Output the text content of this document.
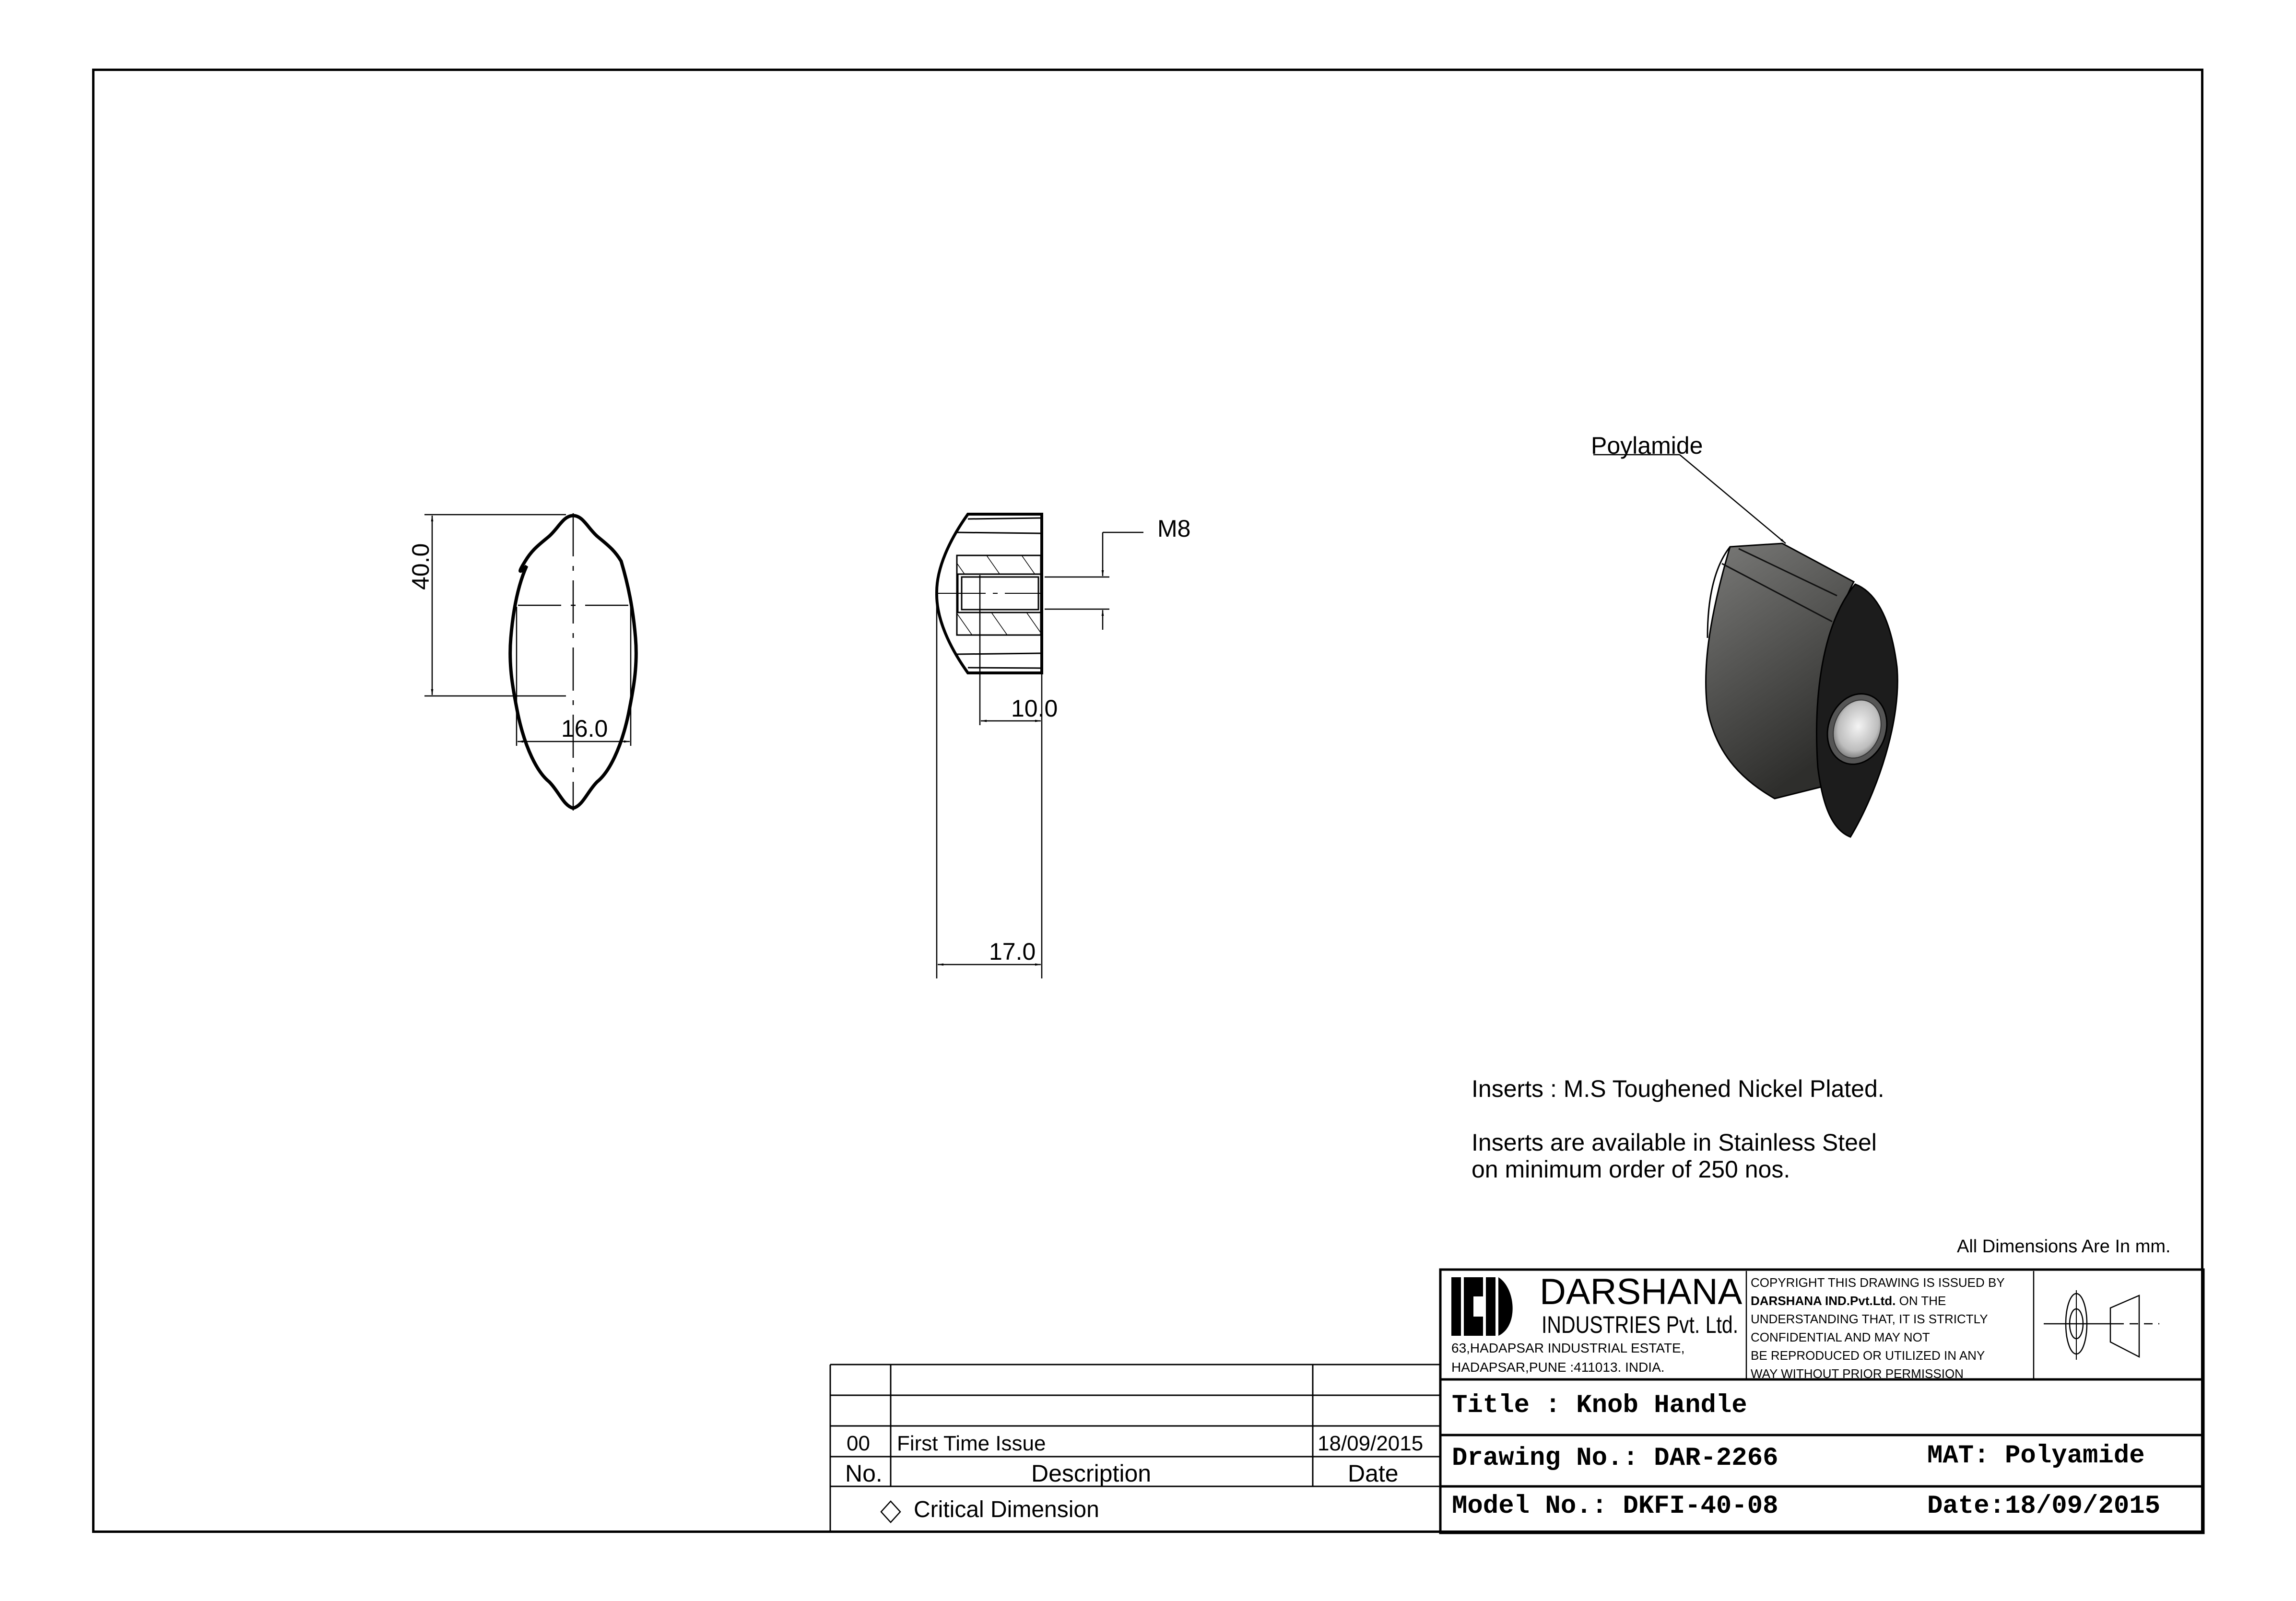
40.0
16.0
M8
10.0
17.0
Poylamide
Inserts : M.S Toughened Nickel Plated.
Inserts are available in Stainless Steel
on minimum order of 250 nos.
All Dimensions Are In mm.
DARSHANA
INDUSTRIES Pvt. Ltd.
63,HADAPSAR INDUSTRIAL ESTATE,
HADAPSAR,PUNE :411013. INDIA.
COPYRIGHT THIS DRAWING IS ISSUED BY
DARSHANA IND.Pvt.Ltd. ON THE
UNDERSTANDING THAT, IT IS STRICTLY
CONFIDENTIAL AND MAY NOT
BE REPRODUCED OR UTILIZED IN ANY
WAY WITHOUT PRIOR PERMISSION
Title : Knob Handle
Drawing No.: DAR-2266	MAT: Polyamide
Model No.: DKFI-40-08	Date:18/09/2015
00 First Time Issue	18/09/2015
No.	Description	Date
Critical Dimension
